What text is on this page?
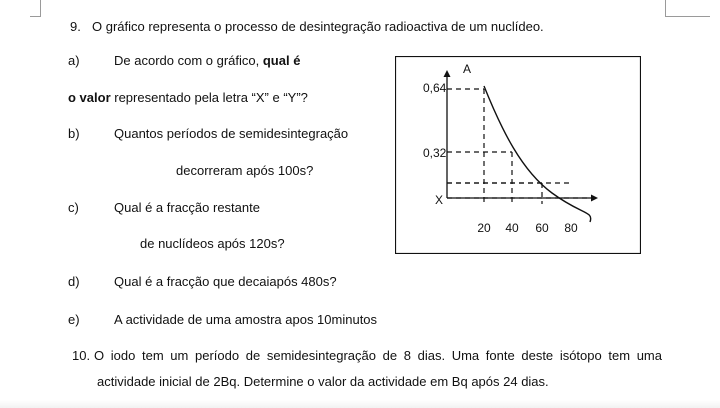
9. O gráfico representa o processo de desintegração radioactiva de um nuclídeo.
a)	De acordo com o gráfico, qual é
o valor representado pela letra “X” e “Y”?
b)	Quantos períodos de semidesintegração
decorreram após 100s?
c)	Qual é a fracção restante
de nuclídeos após 120s?
d)	Qual é a fracção que decaiapós 480s?
e)	A actividade de uma amostra apos 10minutos
10. O iodo tem um período de semidesintegração de 8 dias. Uma fonte deste isótopo tem uma
actividade inicial de 2Bq. Determine o valor da actividade em Bq após 24 dias.
A
0,64
0,32
X
20 40 60 80
